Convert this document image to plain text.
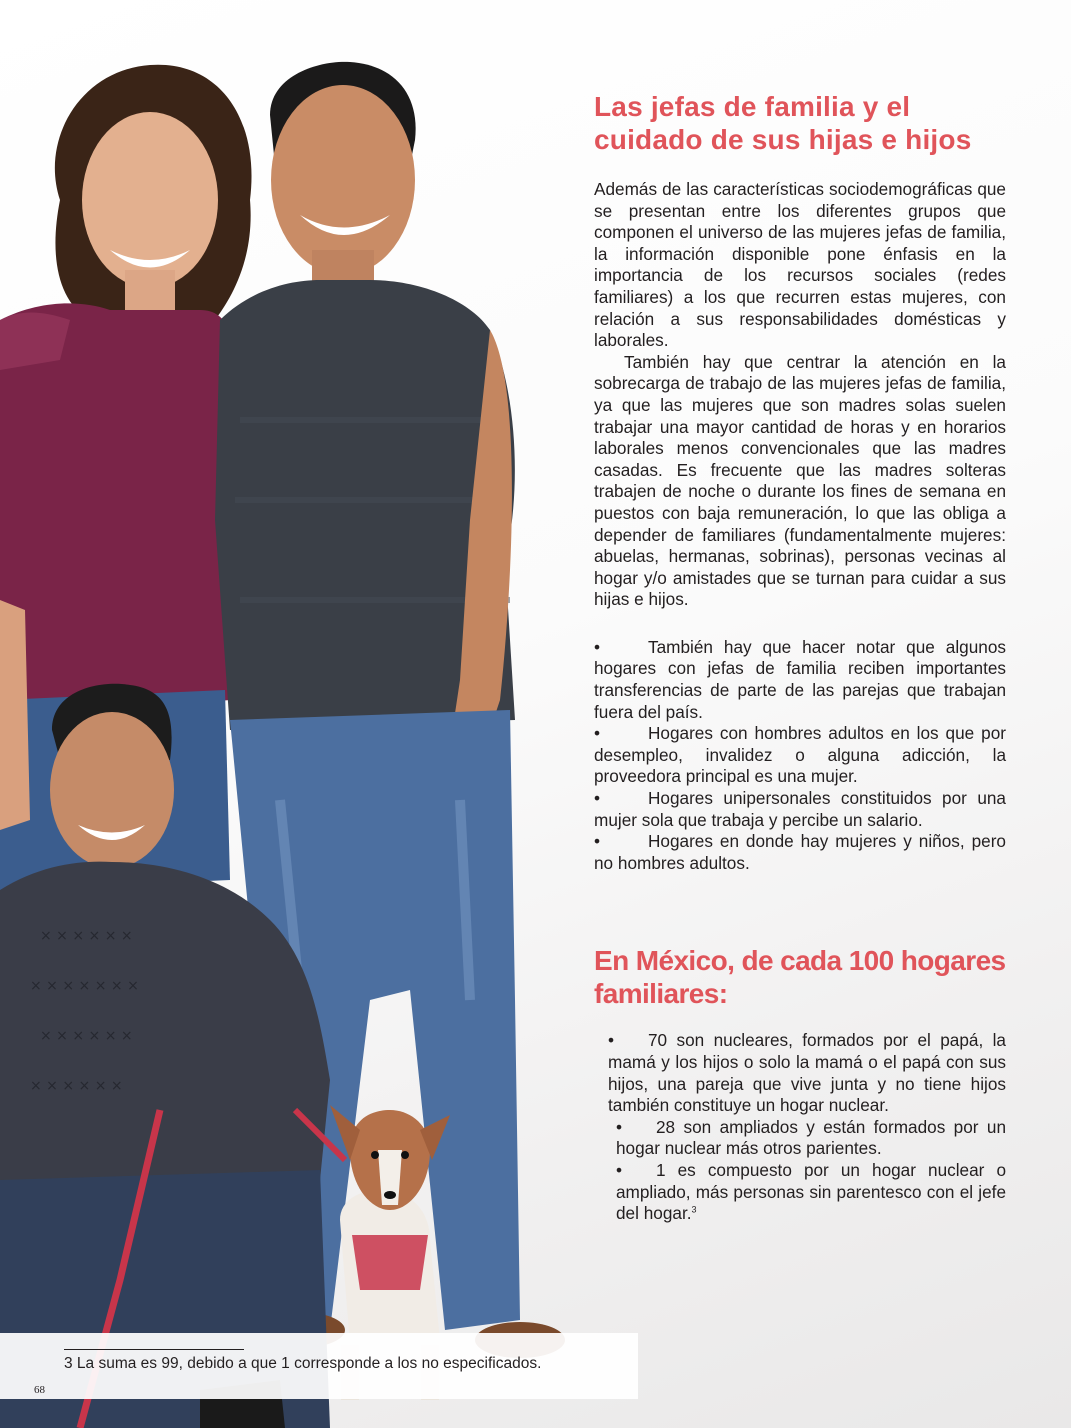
× × × × × ×
× × × × × × ×
× × × × × ×
× × × × × ×
Las jefas de familia y el cuidado de sus hijas e hijos

Además de las características sociodemográficas que se presentan entre los diferentes grupos que componen el universo de las mujeres jefas de familia, la información disponible pone énfasis en la importancia de los recursos sociales (redes familiares) a los que recurren estas mujeres, con relación a sus responsabilidades domésticas y laborales.

También hay que centrar la atención en la sobrecarga de trabajo de las mujeres jefas de familia, ya que las mujeres que son madres solas suelen trabajar una mayor cantidad de horas y en horarios laborales menos convencionales que las madres casadas. Es frecuente que las madres solteras trabajen de noche o durante los fines de semana en puestos con baja remuneración, lo que las obliga a depender de familiares (fundamentalmente mujeres: abuelas, hermanas, sobrinas), personas vecinas al hogar y/o amistades que se turnan para cuidar a sus hijas e hijos.

•	También hay que hacer notar que algunos hogares con jefas de familia reciben importantes transferencias de parte de las parejas que trabajan fuera del país.
•	Hogares con hombres adultos en los que por desempleo, invalidez o alguna adicción, la proveedora principal es una mujer.
•	Hogares unipersonales constituidos por una mujer sola que trabaja y percibe un salario.
•	Hogares en donde hay mujeres y niños, pero no hombres adultos.
En México, de cada 100 hogares familiares:
• 70 son nucleares, formados por el papá, la mamá y los hijos o solo la mamá o el papá con sus hijos, una pareja que vive junta y no tiene hijos también constituye un hogar nuclear.
• 28 son ampliados y están formados por un hogar nuclear más otros parientes.
• 1 es compuesto por un hogar nuclear o ampliado, más personas sin parentesco con el jefe del hogar.$^3$
3 La suma es 99, debido a que 1 corresponde a los no especificados.
68
